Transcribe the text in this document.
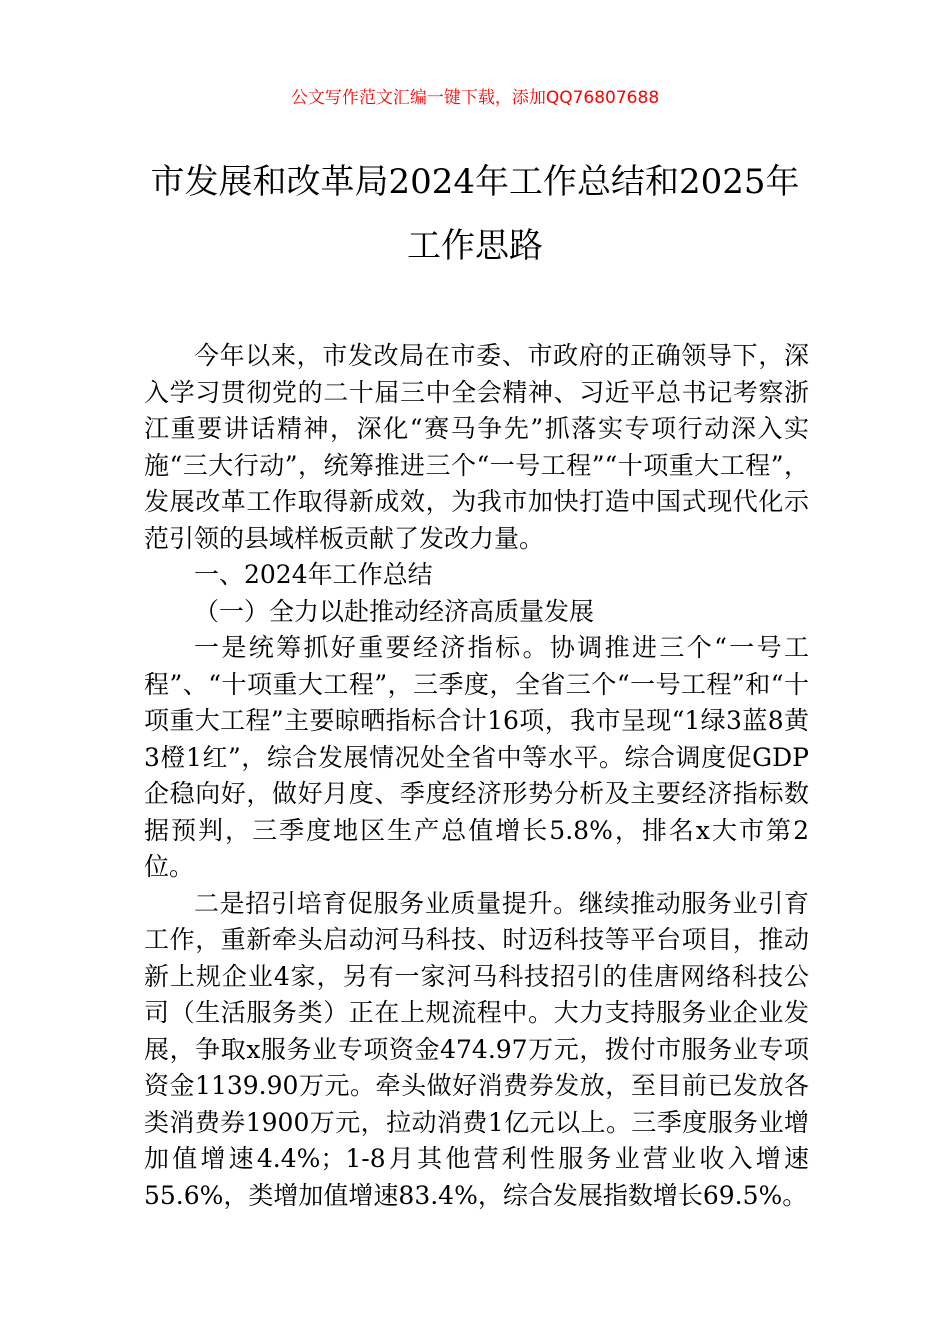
公文写作范文汇编一键下载，添加QQ76807688
市发展和改革局2024年工作总结和2025年
工作思路

今年以来，市发改局在市委、市政府的正确领导下，深入学习贯彻党的二十届三中全会精神、习近平总书记考察浙江重要讲话精神，深化“赛马争先”抓落实专项行动深入实施“三大行动”，统筹推进三个“一号工程”“十项重大工程”，发展改革工作取得新成效，为我市加快打造中国式现代化示范引领的县域样板贡献了发改力量。

一、2024年工作总结

（一）全力以赴推动经济高质量发展

一是统筹抓好重要经济指标。协调推进三个“一号工程”、“十项重大工程”，三季度，全省三个“一号工程”和“十项重大工程”主要晾晒指标合计16项，我市呈现“1绿3蓝8黄3橙1红”，综合发展情况处全省中等水平。综合调度促GDP企稳向好，做好月度、季度经济形势分析及主要经济指标数据预判，三季度地区生产总值增长5.8%，排名x大市第2位。

二是招引培育促服务业质量提升。继续推动服务业引育工作，重新牵头启动河马科技、时迈科技等平台项目，推动新上规企业4家，另有一家河马科技招引的佳唐网络科技公司（生活服务类）正在上规流程中。大力支持服务业企业发展，争取x服务业专项资金474.97万元，拨付市服务业专项资金1139.90万元。牵头做好消费券发放，至目前已发放各类消费券1900万元，拉动消费1亿元以上。三季度服务业增加值增速4.4%；1-8月其他营利性服务业营业收入增速55.6%，类增加值增速83.4%，综合发展指数增长69.5%。
